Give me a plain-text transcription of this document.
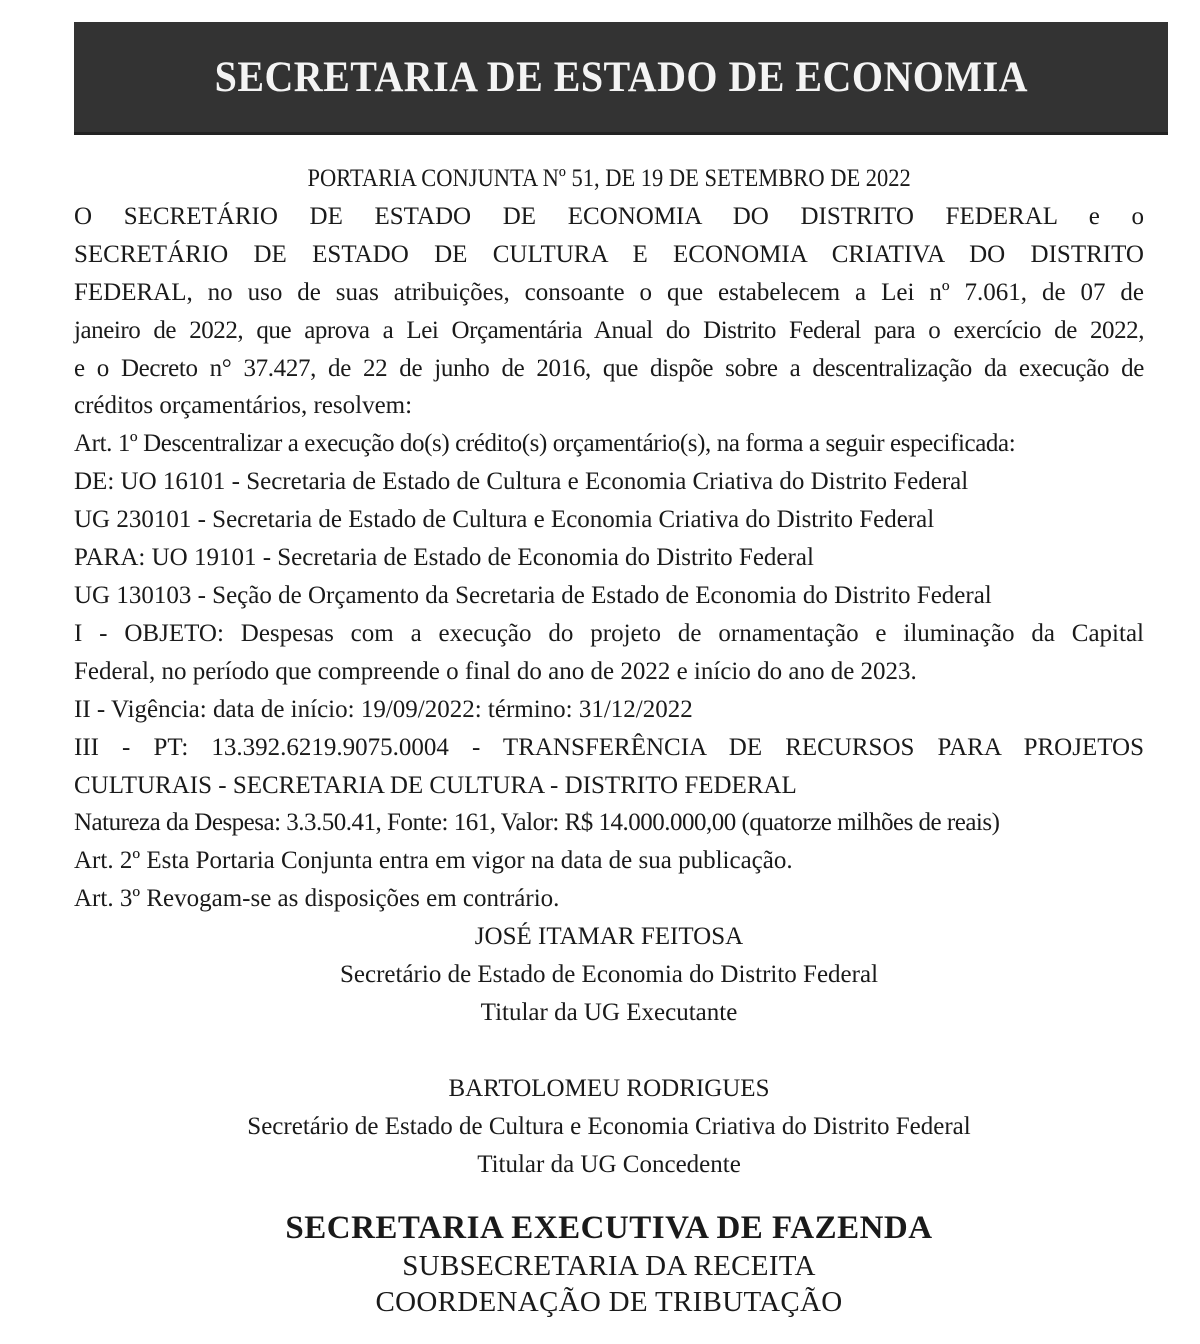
SECRETARIA DE ESTADO DE ECONOMIA
PORTARIA CONJUNTA Nº 51, DE 19 DE SETEMBRO DE 2022
O SECRETÁRIO DE ESTADO DE ECONOMIA DO DISTRITO FEDERAL e o
SECRETÁRIO DE ESTADO DE CULTURA E ECONOMIA CRIATIVA DO DISTRITO
FEDERAL, no uso de suas atribuições, consoante o que estabelecem a Lei nº 7.061, de 07 de
janeiro de 2022, que aprova a Lei Orçamentária Anual do Distrito Federal para o exercício de 2022,
e o Decreto n° 37.427, de 22 de junho de 2016, que dispõe sobre a descentralização da execução de
créditos orçamentários, resolvem:
Art. 1º Descentralizar a execução do(s) crédito(s) orçamentário(s), na forma a seguir especificada:
DE: UO 16101 - Secretaria de Estado de Cultura e Economia Criativa do Distrito Federal
UG 230101 - Secretaria de Estado de Cultura e Economia Criativa do Distrito Federal
PARA: UO 19101 - Secretaria de Estado de Economia do Distrito Federal
UG 130103 - Seção de Orçamento da Secretaria de Estado de Economia do Distrito Federal
I - OBJETO: Despesas com a execução do projeto de ornamentação e iluminação da Capital
Federal, no período que compreende o final do ano de 2022 e início do ano de 2023.
II - Vigência: data de início: 19/09/2022: término: 31/12/2022
III - PT: 13.392.6219.9075.0004 - TRANSFERÊNCIA DE RECURSOS PARA PROJETOS
CULTURAIS - SECRETARIA DE CULTURA - DISTRITO FEDERAL
Natureza da Despesa: 3.3.50.41, Fonte: 161, Valor: R$ 14.000.000,00 (quatorze milhões de reais)
Art. 2º Esta Portaria Conjunta entra em vigor na data de sua publicação.
Art. 3º Revogam-se as disposições em contrário.
JOSÉ ITAMAR FEITOSA
Secretário de Estado de Economia do Distrito Federal
Titular da UG Executante
BARTOLOMEU RODRIGUES
Secretário de Estado de Cultura e Economia Criativa do Distrito Federal
Titular da UG Concedente
SECRETARIA EXECUTIVA DE FAZENDA
SUBSECRETARIA DA RECEITA
COORDENAÇÃO DE TRIBUTAÇÃO
